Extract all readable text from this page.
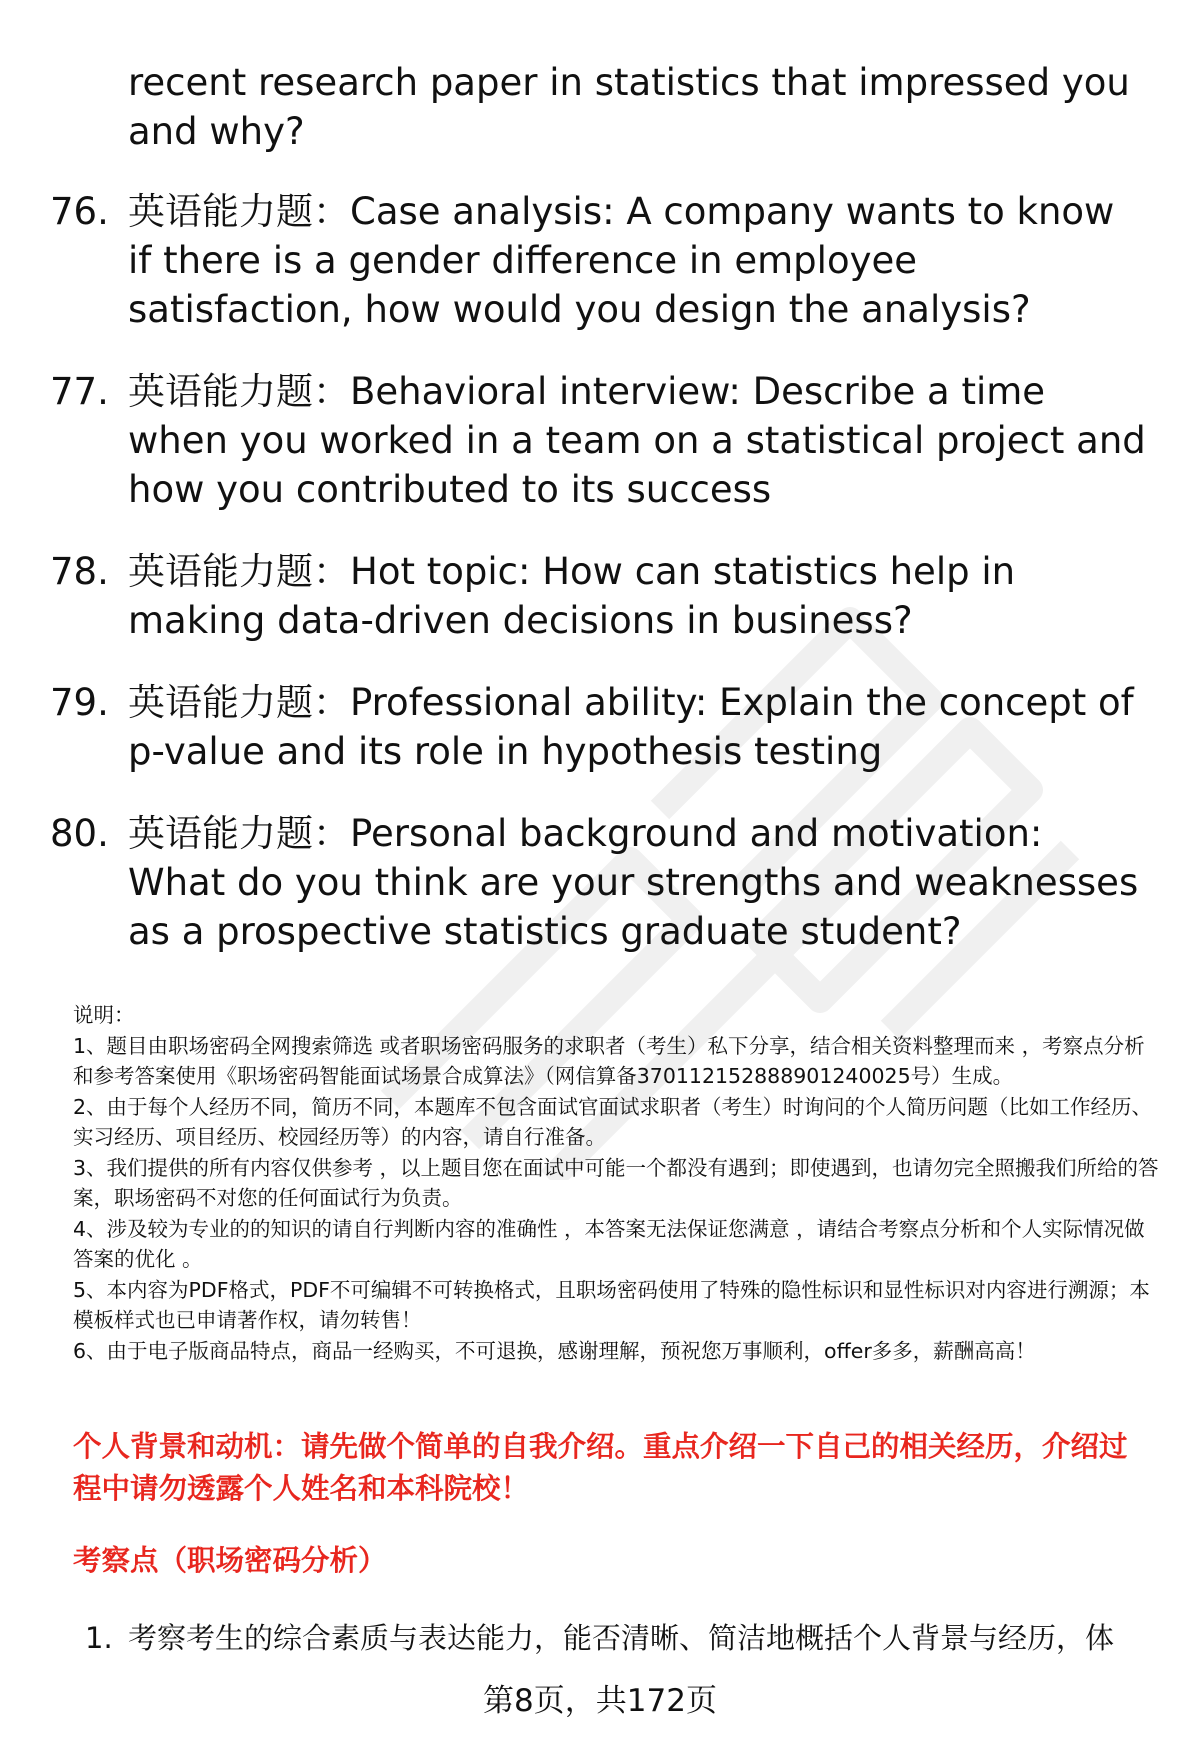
recent research paper in statistics that impressed you and why?
76. 英语能力题：Case analysis: A company wants to know if there is a gender difference in employee satisfaction, how would you design the analysis?
77. 英语能力题：Behavioral interview: Describe a time when you worked in a team on a statistical project and how you contributed to its success
78. 英语能力题：Hot topic: How can statistics help in making data-driven decisions in business?
79. 英语能力题：Professional ability: Explain the concept of p-value and its role in hypothesis testing
80. 英语能力题：Personal background and motivation: What do you think are your strengths and weaknesses as a prospective statistics graduate student?

说明：

1、题目由职场密码全网搜索筛选 或者职场密码服务的求职者（考生）私下分享，结合相关资料整理而来 ，考察点分析和参考答案使用《职场密码智能面试场景合成算法》（网信算备370112152888901240025号）生成。

2、由于每个人经历不同，简历不同，本题库不包含面试官面试求职者（考生）时询问的个人简历问题（比如工作经历、实习经历、项目经历、校园经历等）的内容，请自行准备。

3、我们提供的所有内容仅供参考 ，以上题目您在面试中可能一个都没有遇到；即使遇到，也请勿完全照搬我们所给的答案，职场密码不对您的任何面试行为负责。

4、涉及较为专业的的知识的请自行判断内容的准确性 ，本答案无法保证您满意 ，请结合考察点分析和个人实际情况做答案的优化 。

5、本内容为PDF格式，PDF不可编辑不可转换格式，且职场密码使用了特殊的隐性标识和显性标识对内容进行溯源；本模板样式也已申请著作权，请勿转售！

6、由于电子版商品特点，商品一经购买，不可退换，感谢理解，预祝您万事顺利，offer多多，薪酬高高！

个人背景和动机：请先做个简单的自我介绍。重点介绍一下自己的相关经历，介绍过程中请勿透露个人姓名和本科院校！
考察点（职场密码分析）
1. 考察考生的综合素质与表达能力，能否清晰、简洁地概括个人背景与经历，体
第8页，共172页
